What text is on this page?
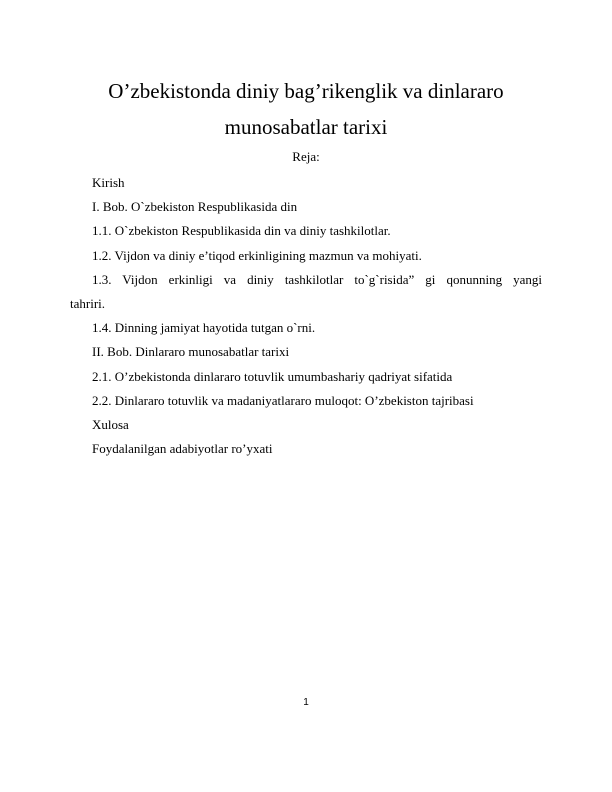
O’zbekistonda diniy bag’rikenglik va dinlararo
munosabatlar tarixi
Reja:
Kirish
I. Bob. O`zbekiston Respublikasida din
1.1. O`zbekiston Respublikasida din va diniy tashkilotlar.
1.2. Vijdon va diniy e’tiqod erkinligining mazmun va mohiyati.
1.3. Vijdon erkinligi va diniy tashkilotlar to`g`risida” gi qonunning yangi tahriri.
1.4. Dinning jamiyat hayotida tutgan o`rni.
II. Bob. Dinlararo munosabatlar tarixi
2.1. O’zbekistonda dinlararo totuvlik umumbashariy qadriyat sifatida
2.2. Dinlararo totuvlik va madaniyatlararo muloqot: O’zbekiston tajribasi
Xulosa
Foydalanilgan adabiyotlar ro’yxati
1
